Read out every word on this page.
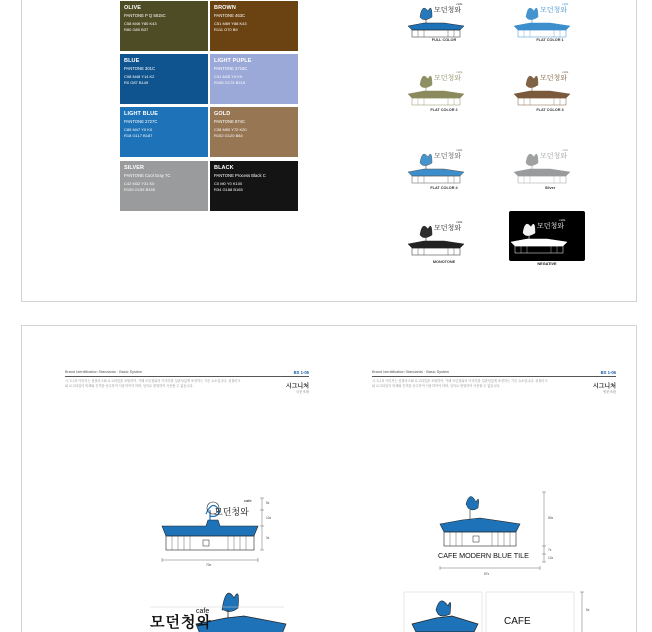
OLIVE
PANTONE P Q 5815C
C58 M46 Y80 K43
R80 G80 B37
BROWN
PANTONE 463C
C51 M69 Y88 K43
R111 G70 B9
BLUE
PANTONE 301C
C98 M48 Y14 K2
R0 G87 B149
LIGHT PUPLE
PANTONE 2716C
C41 M28 Y0 K0
R155 G175 B218
LIGHT BLUE
PANTONE 2727C
C85 M47 Y0 K0
R18 G117 B187
GOLD
PANTONE 874C
C38 M50 Y72 K20
R152 G120 B84
SILVER
PANTONE Cool Gray 7C
C42 M32 Y31 K0
R155 G155 B155
BLACK
PANTONE Process Black C
C0 M0 Y0 K100
R34 G188 B165
모던청와
cafe
FULL COLOR
모던청와
cafe
FLAT COLOR 1
모던청와
cafe
FLAT COLOR 2
모던청와
cafe
FLAT COLOR 3
모던청와
cafe
FLAT COLOR 4
모던청와
cafe
Silver
모던청와
cafe
MONOTONE
모던청와
cafe
NEGATIVE
Brand Identification Standards · Basic System	BS 1-05
시그니처 이미지는 심볼마크와 로고타입을 조합하여, 카페 모던청와의 이미지를 일관성있게 표현하는 기본 요소입니다. 심볼마크와 로고타입의 비례와 간격을 준수하여 사용하여야 하며, 임의로 변형하여 사용할 수 없습니다.	시그니처
국문조합
Brand Identification Standards · Basic System	BS 1-06
시그니처 이미지는 심볼마크와 로고타입을 조합하여, 카페 모던청와의 이미지를 일관성있게 표현하는 기본 요소입니다. 심볼마크와 로고타입의 비례와 간격을 준수하여 사용하여야 하며, 임의로 변형하여 사용할 수 없습니다.	시그니처
영문조합
모던청와
cafe
70x
5x
10x
3x
CAFE MODERN BLUE TILE
57x
50x
7x
12x
모던청와
cafe
CAFE
5x
